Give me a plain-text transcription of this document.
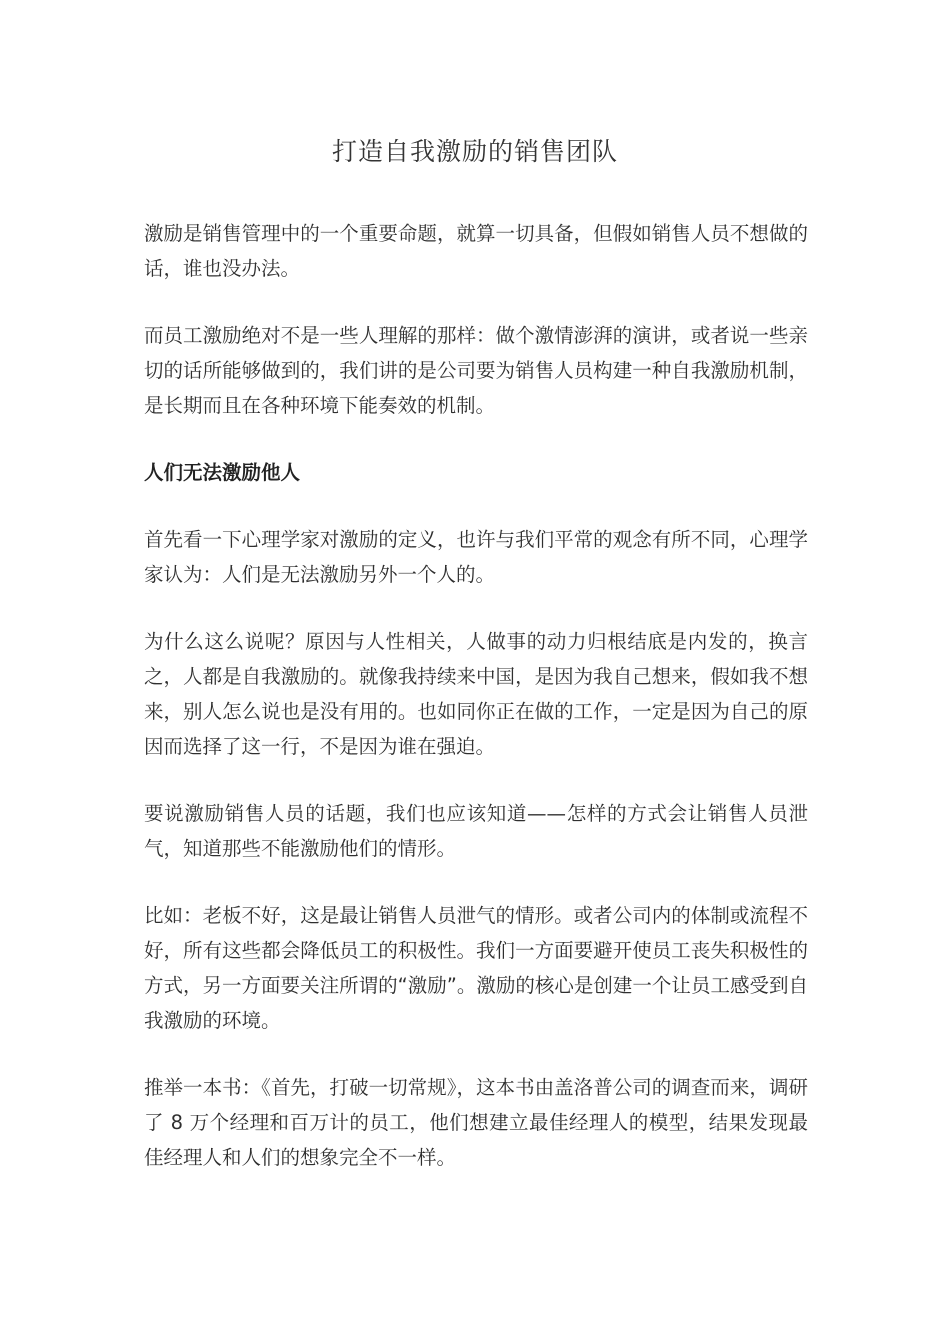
打造自我激励的销售团队

激励是销售管理中的一个重要命题，就算一切具备，但假如销售人员不想做的话，谁也没办法。

而员工激励绝对不是一些人理解的那样：做个激情澎湃的演讲，或者说一些亲切的话所能够做到的，我们讲的是公司要为销售人员构建一种自我激励机制，是长期而且在各种环境下能奏效的机制。

人们无法激励他人

首先看一下心理学家对激励的定义，也许与我们平常的观念有所不同，心理学家认为：人们是无法激励另外一个人的。

为什么这么说呢？原因与人性相关，人做事的动力归根结底是内发的，换言之，人都是自我激励的。就像我持续来中国，是因为我自己想来，假如我不想来，别人怎么说也是没有用的。也如同你正在做的工作，一定是因为自己的原因而选择了这一行，不是因为谁在强迫。

要说激励销售人员的话题，我们也应该知道——怎样的方式会让销售人员泄气，知道那些不能激励他们的情形。

比如：老板不好，这是最让销售人员泄气的情形。或者公司内的体制或流程不好，所有这些都会降低员工的积极性。我们一方面要避开使员工丧失积极性的方式，另一方面要关注所谓的“激励”。激励的核心是创建一个让员工感受到自我激励的环境。

推举一本书：《首先，打破一切常规》，这本书由盖洛普公司的调查而来，调研了 8 万个经理和百万计的员工，他们想建立最佳经理人的模型，结果发现最佳经理人和人们的想象完全不一样。
